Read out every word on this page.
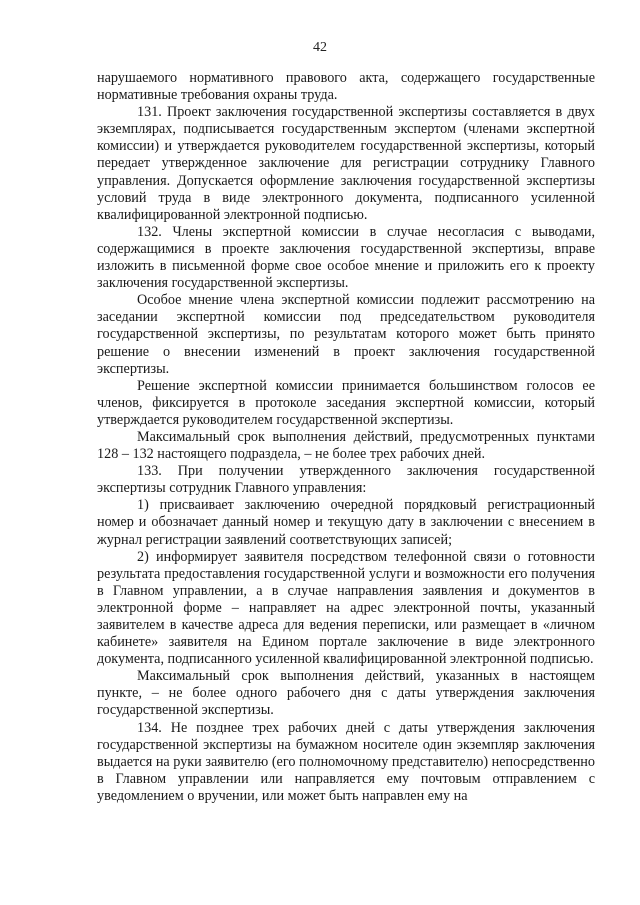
42

нарушаемого нормативного правового акта, содержащего государственные нормативные требования охраны труда.

131. Проект заключения государственной экспертизы составляется в двух экземплярах, подписывается государственным экспертом (членами экспертной комиссии) и утверждается руководителем государственной экспертизы, который передает утвержденное заключение для регистрации сотруднику Главного управления. Допускается оформление заключения государственной экспертизы условий труда в виде электронного документа, подписанного усиленной квалифицированной электронной подписью.

132. Члены экспертной комиссии в случае несогласия с выводами, содержащимися в проекте заключения государственной экспертизы, вправе изложить в письменной форме свое особое мнение и приложить его к проекту заключения государственной экспертизы.

Особое мнение члена экспертной комиссии подлежит рассмотрению на заседании экспертной комиссии под председательством руководителя государственной экспертизы, по результатам которого может быть принято решение о внесении изменений в проект заключения государственной экспертизы.

Решение экспертной комиссии принимается большинством голосов ее членов, фиксируется в протоколе заседания экспертной комиссии, который утверждается руководителем государственной экспертизы.

Максимальный срок выполнения действий, предусмотренных пунктами 128 – 132 настоящего подраздела, – не более трех рабочих дней.

133. При получении утвержденного заключения государственной экспертизы сотрудник Главного управления:

1) присваивает заключению очередной порядковый регистрационный номер и обозначает данный номер и текущую дату в заключении с внесением в журнал регистрации заявлений соответствующих записей;

2) информирует заявителя посредством телефонной связи о готовности результата предоставления государственной услуги и возможности его получения в Главном управлении, а в случае направления заявления и документов в электронной форме – направляет на адрес электронной почты, указанный заявителем в качестве адреса для ведения переписки, или размещает в «личном кабинете» заявителя на Едином портале заключение в виде электронного документа, подписанного усиленной квалифицированной электронной подписью.

Максимальный срок выполнения действий, указанных в настоящем пункте, – не более одного рабочего дня с даты утверждения заключения государственной экспертизы.

134. Не позднее трех рабочих дней с даты утверждения заключения государственной экспертизы на бумажном носителе один экземпляр заключения выдается на руки заявителю (его полномочному представителю) непосредственно в Главном управлении или направляется ему почтовым отправлением с уведомлением о вручении, или может быть направлен ему на
